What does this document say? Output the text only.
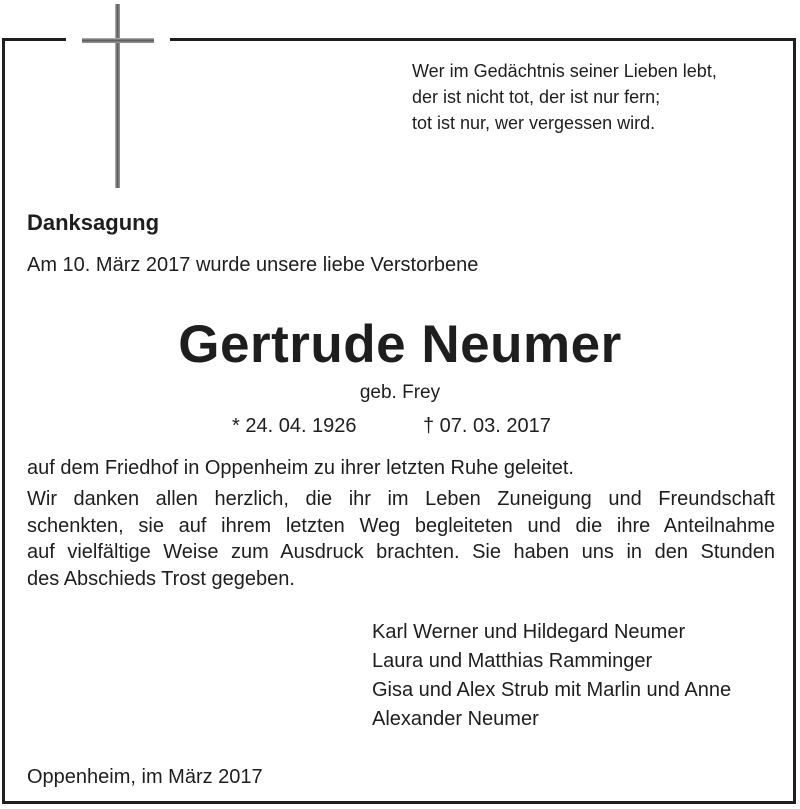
Wer im Gedächtnis seiner Lieben lebt,
der ist nicht tot, der ist nur fern;
tot ist nur, wer vergessen wird.
Danksagung
Am 10. März 2017 wurde unsere liebe Verstorbene
Gertrude Neumer
geb. Frey
* 24. 04. 1926	† 07. 03. 2017
auf dem Friedhof in Oppenheim zu ihrer letzten Ruhe geleitet.
Wir danken allen herzlich, die ihr im Leben Zuneigung und Freundschaft
schenkten, sie auf ihrem letzten Weg begleiteten und die ihre Anteilnahme
auf vielfältige Weise zum Ausdruck brachten. Sie haben uns in den Stunden
des Abschieds Trost gegeben.
Karl Werner und Hildegard Neumer
Laura und Matthias Ramminger
Gisa und Alex Strub mit Marlin und Anne
Alexander Neumer
Oppenheim, im März 2017
